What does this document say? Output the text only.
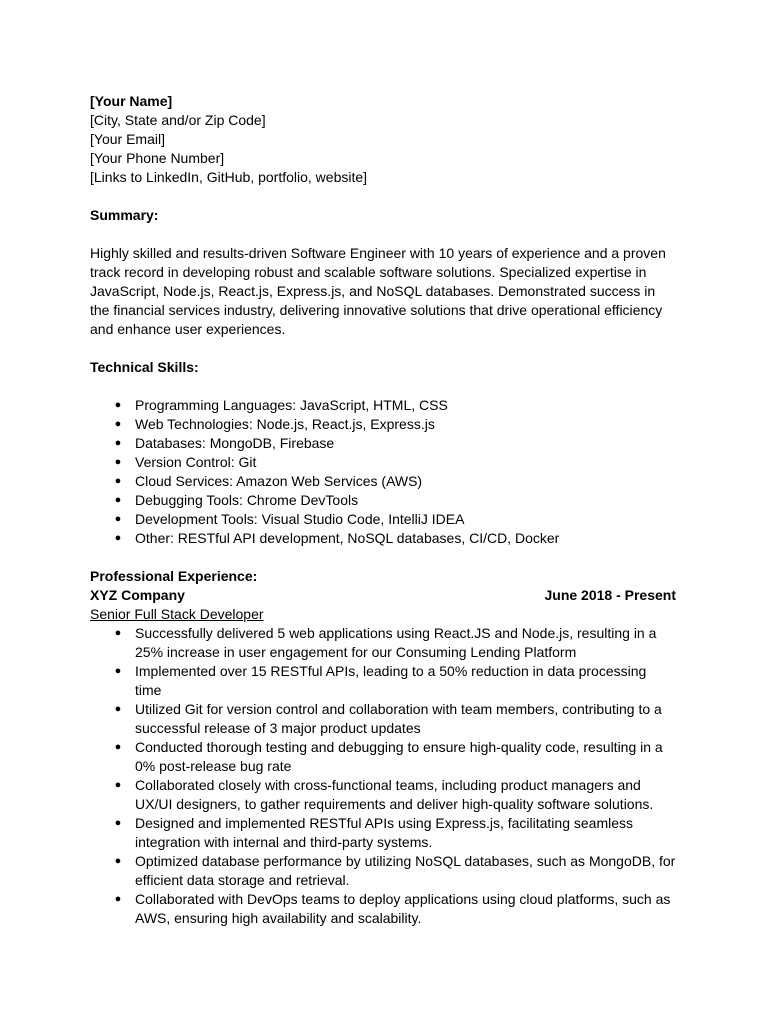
[Your Name]
[City, State and/or Zip Code]
[Your Email]
[Your Phone Number]
[Links to LinkedIn, GitHub, portfolio, website]
Summary:

Highly skilled and results-driven Software Engineer with 10 years of experience and a proven track record in developing robust and scalable software solutions. Specialized expertise in JavaScript, Node.js, React.js, Express.js, and NoSQL databases. Demonstrated success in the financial services industry, delivering innovative solutions that drive operational efficiency and enhance user experiences.

Technical Skills:
● Programming Languages: JavaScript, HTML, CSS
● Web Technologies: Node.js, React.js, Express.js
● Databases: MongoDB, Firebase
● Version Control: Git
● Cloud Services: Amazon Web Services (AWS)
● Debugging Tools: Chrome DevTools
● Development Tools: Visual Studio Code, IntelliJ IDEA
● Other: RESTful API development, NoSQL databases, CI/CD, Docker
Professional Experience:
XYZ Company	June 2018 - Present
Senior Full Stack Developer
● Successfully delivered 5 web applications using React.JS and Node.js, resulting in a 25% increase in user engagement for our Consuming Lending Platform
● Implemented over 15 RESTful APIs, leading to a 50% reduction in data processing time
● Utilized Git for version control and collaboration with team members, contributing to a successful release of 3 major product updates
● Conducted thorough testing and debugging to ensure high-quality code, resulting in a 0% post-release bug rate
● Collaborated closely with cross-functional teams, including product managers and UX/UI designers, to gather requirements and deliver high-quality software solutions.
● Designed and implemented RESTful APIs using Express.js, facilitating seamless integration with internal and third-party systems.
● Optimized database performance by utilizing NoSQL databases, such as MongoDB, for efficient data storage and retrieval.
● Collaborated with DevOps teams to deploy applications using cloud platforms, such as AWS, ensuring high availability and scalability.
